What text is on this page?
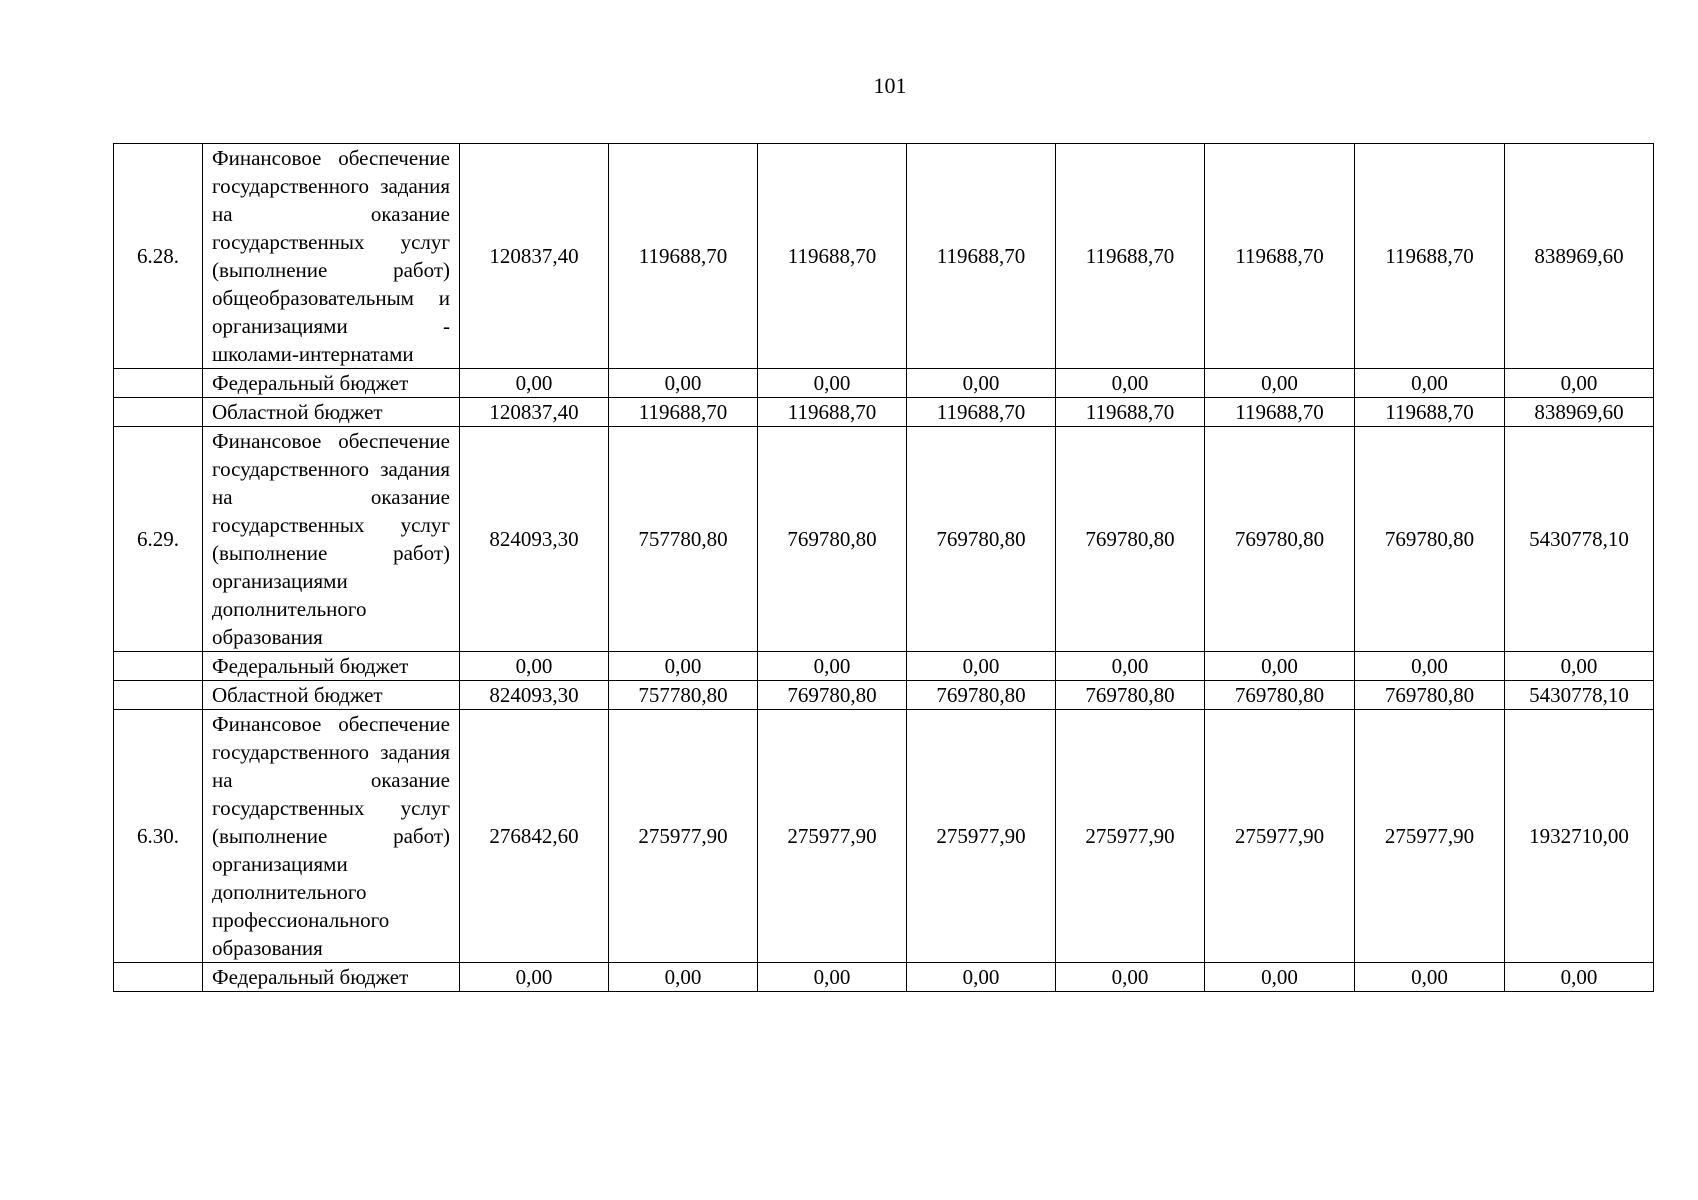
101
6.28.	Финансовое обеспечение государственного задания на оказание государственных услуг (выполнение работ) общеобразовательным и организациями - школами-интернатами	120837,40	119688,70	119688,70	119688,70	119688,70	119688,70	119688,70	838969,60
	Федеральный бюджет	0,00	0,00	0,00	0,00	0,00	0,00	0,00	0,00
	Областной бюджет	120837,40	119688,70	119688,70	119688,70	119688,70	119688,70	119688,70	838969,60
6.29.	Финансовое обеспечение государственного задания на оказание государственных услуг (выполнение работ) организациями дополнительного образования	824093,30	757780,80	769780,80	769780,80	769780,80	769780,80	769780,80	5430778,10
	Федеральный бюджет	0,00	0,00	0,00	0,00	0,00	0,00	0,00	0,00
	Областной бюджет	824093,30	757780,80	769780,80	769780,80	769780,80	769780,80	769780,80	5430778,10
6.30.	Финансовое обеспечение государственного задания на оказание государственных услуг (выполнение работ) организациями дополнительного профессионального образования	276842,60	275977,90	275977,90	275977,90	275977,90	275977,90	275977,90	1932710,00
	Федеральный бюджет	0,00	0,00	0,00	0,00	0,00	0,00	0,00	0,00
